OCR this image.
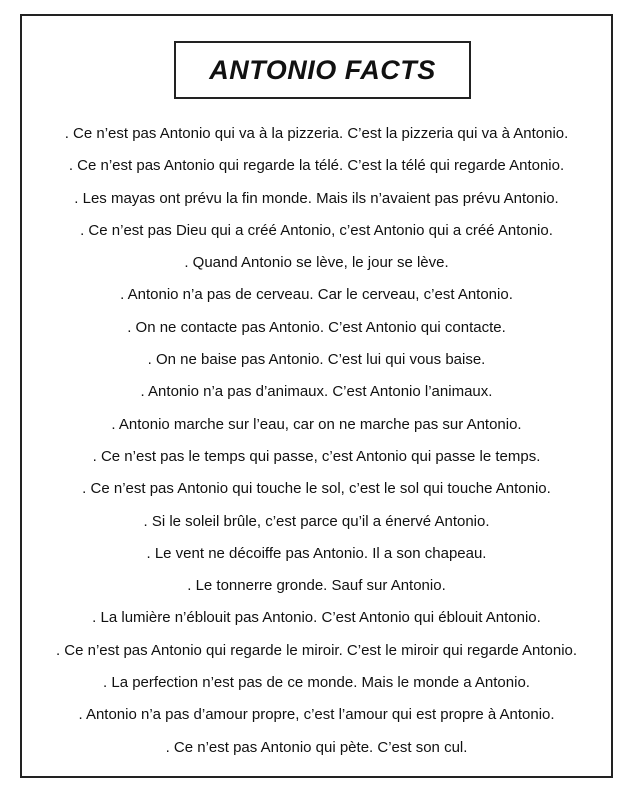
ANTONIO FACTS
. Ce n’est pas Antonio qui va à la pizzeria. C’est la pizzeria qui va à Antonio.
. Ce n’est pas Antonio qui regarde la télé. C’est la télé qui regarde Antonio.
. Les mayas ont prévu la fin monde. Mais ils n’avaient pas prévu Antonio.
. Ce n’est pas Dieu qui a créé Antonio, c’est Antonio qui a créé Antonio.
. Quand Antonio se lève, le jour se lève.
. Antonio n’a pas de cerveau. Car le cerveau, c’est Antonio.
. On ne contacte pas Antonio. C’est Antonio qui contacte.
. On ne baise pas Antonio. C’est lui qui vous baise.
. Antonio n’a pas d’animaux. C’est Antonio l’animaux.
. Antonio marche sur l’eau, car on ne marche pas sur Antonio.
. Ce n’est pas le temps qui passe, c’est Antonio qui passe le temps.
. Ce n’est pas Antonio qui touche le sol, c’est le sol qui touche Antonio.
. Si le soleil brûle, c’est parce qu’il a énervé Antonio.
. Le vent ne décoiffe pas Antonio. Il a son chapeau.
. Le tonnerre gronde. Sauf sur Antonio.
. La lumière n’éblouit pas Antonio. C’est Antonio qui éblouit Antonio.
. Ce n’est pas Antonio qui regarde le miroir. C’est le miroir qui regarde Antonio.
. La perfection n’est pas de ce monde. Mais le monde a Antonio.
. Antonio n’a pas d’amour propre, c’est l’amour qui est propre à Antonio.
. Ce n’est pas Antonio qui pète. C’est son cul.
